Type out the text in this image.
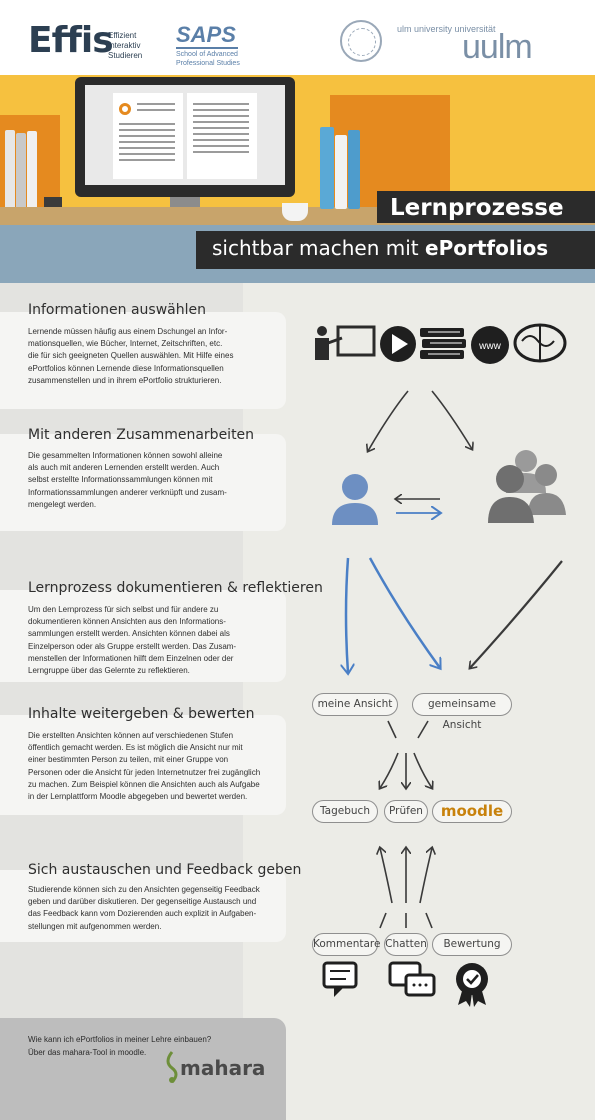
Effis
Effizient
Interaktiv
Studieren
SAPS
School of Advanced
Professional Studies
ulm university universität
uulm
Lernprozesse
sichtbar machen mit ePortfolios
Informationen auswählen
Lernende müssen häufig aus einem Dschungel an Infor-
mationsquellen, wie Bücher, Internet, Zeitschriften, etc.
die für sich geeigneten Quellen auswählen. Mit Hilfe eines
ePortfolios können Lernende diese Informationsquellen
zusammenstellen und in ihrem ePortfolio strukturieren.
Mit anderen Zusammenarbeiten
Die gesammelten Informationen können sowohl alleine
als auch mit anderen Lernenden erstellt werden. Auch
selbst erstellte Informationssammlungen können mit
Informationssammlungen anderer verknüpft und zusam-
mengelegt werden.
Lernprozess dokumentieren & reflektieren
Um den Lernprozess für sich selbst und für andere zu
dokumentieren können Ansichten aus den Informations-
sammlungen erstellt werden. Ansichten können dabei als
Einzelperson oder als Gruppe erstellt werden. Das Zusam-
menstellen der Informationen hilft dem Einzelnen oder der
Lerngruppe über das Gelernte zu reflektieren.
Inhalte weitergeben & bewerten
Die erstellten Ansichten können auf verschiedenen Stufen
öffentlich gemacht werden. Es ist möglich die Ansicht nur mit
einer bestimmten Person zu teilen, mit einer Gruppe von
Personen oder die Ansicht für jeden Internetnutzer frei zugänglich
zu machen. Zum Beispiel können die Ansichten auch als Aufgabe
in der Lernplattform Moodle abgegeben und bewertet werden.
Sich austauschen und Feedback geben
Studierende können sich zu den Ansichten gegenseitig Feedback
geben und darüber diskutieren. Der gegenseitige Austausch und
das Feedback kann vom Dozierenden auch explizit in Aufgaben-
stellungen mit aufgenommen werden.
www
meine Ansicht	gemeinsame Ansicht
Tagebuch	Prüfen	moodle
Kommentare Chatten	Bewertung
Wie kann ich ePortfolios in meiner Lehre einbauen?
Über das mahara-Tool in moodle.
mahara
